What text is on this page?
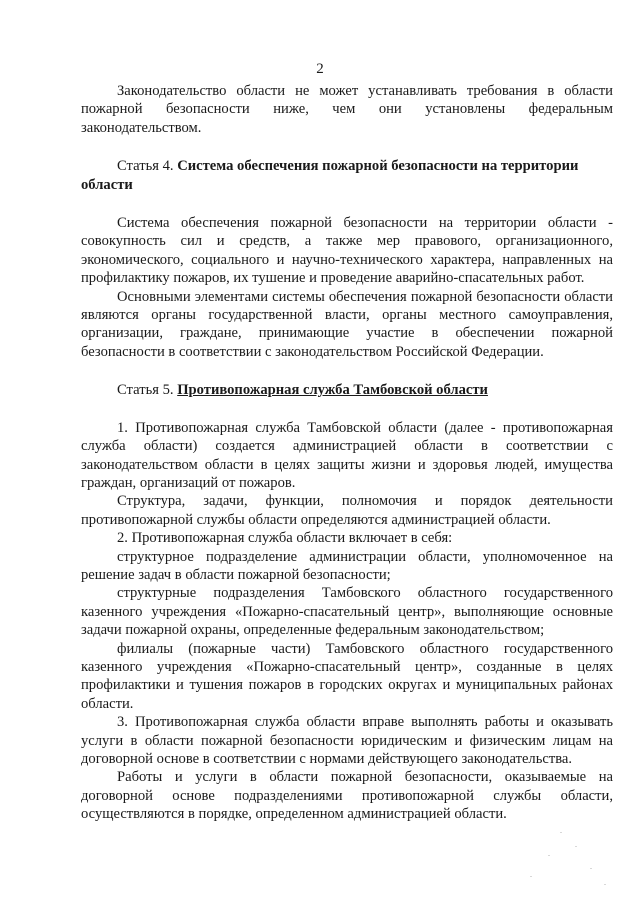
2

Законодательство области не может устанавливать требования в области пожарной безопасности ниже, чем они установлены федеральным законодательством.

Статья 4. Система обеспечения пожарной безопасности на территории области

Система обеспечения пожарной безопасности на территории области - совокупность сил и средств, а также мер правового, организационного, экономического, социального и научно-технического характера, направленных на профилактику пожаров, их тушение и проведение аварийно-спасательных работ.

Основными элементами системы обеспечения пожарной безопасности области являются органы государственной власти, органы местного самоуправления, организации, граждане, принимающие участие в обеспечении пожарной безопасности в соответствии с законодательством Российской Федерации.

Статья 5. Противопожарная служба Тамбовской области

1. Противопожарная служба Тамбовской области (далее - противопожарная служба области) создается администрацией области в соответствии с законодательством области в целях защиты жизни и здоровья людей, имущества граждан, организаций от пожаров.

Структура, задачи, функции, полномочия и порядок деятельности противопожарной службы области определяются администрацией области.

2. Противопожарная служба области включает в себя:

структурное подразделение администрации области, уполномоченное на решение задач в области пожарной безопасности;

структурные подразделения Тамбовского областного государственного казенного учреждения «Пожарно-спасательный центр», выполняющие основные задачи пожарной охраны, определенные федеральным законодательством;

филиалы (пожарные части) Тамбовского областного государственного казенного учреждения «Пожарно-спасательный центр», созданные в целях профилактики и тушения пожаров в городских округах и муниципальных районах области.

3. Противопожарная служба области вправе выполнять работы и оказывать услуги в области пожарной безопасности юридическим и физическим лицам на договорной основе в соответствии с нормами действующего законодательства.

Работы и услуги в области пожарной безопасности, оказываемые на договорной основе подразделениями противопожарной службы области, осуществляются в порядке, определенном администрацией области.
